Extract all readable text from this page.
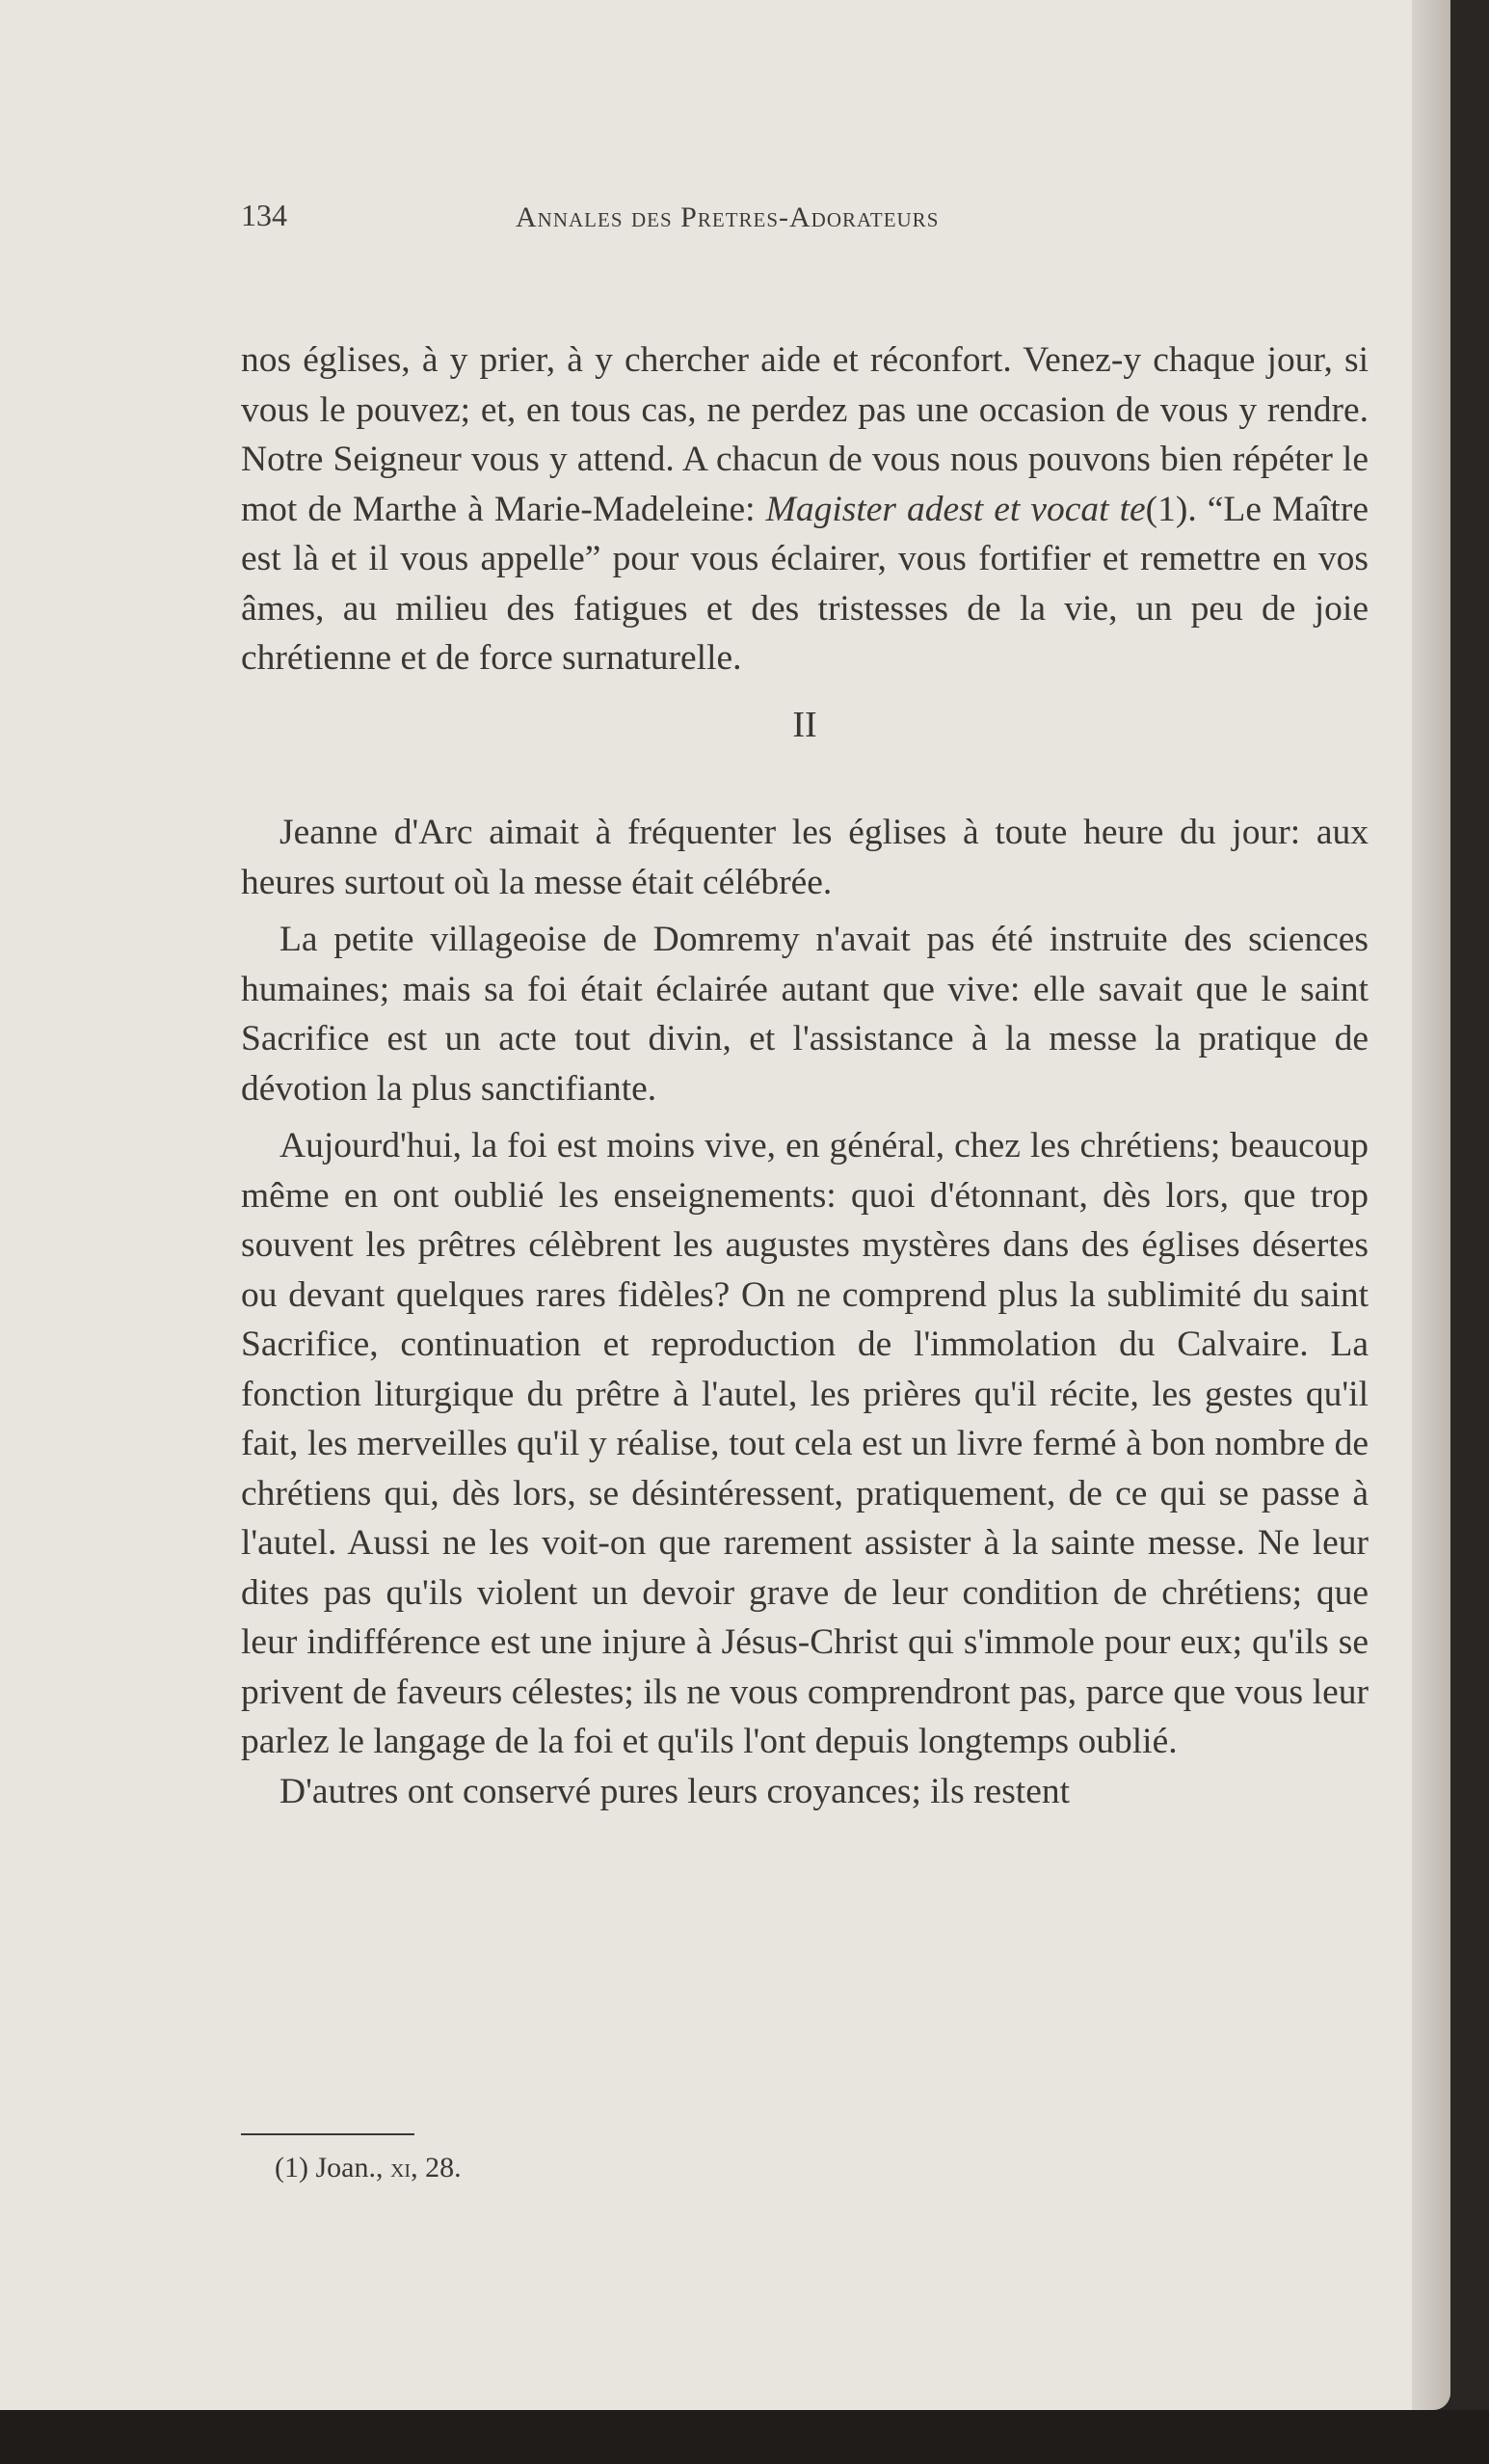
134	Annales des Pretres-Adorateurs

nos églises, à y prier, à y chercher aide et réconfort. Venez-y chaque jour, si vous le pouvez; et, en tous cas, ne perdez pas une occasion de vous y rendre. Notre Seigneur vous y attend. A chacun de vous nous pouvons bien répéter le mot de Marthe à Marie-Madeleine: Magister adest et vocat te(1). “Le Maître est là et il vous appelle” pour vous éclairer, vous fortifier et remettre en vos âmes, au milieu des fatigues et des tristesses de la vie, un peu de joie chrétienne et de force surnaturelle.

II

Jeanne d'Arc aimait à fréquenter les églises à toute heure du jour: aux heures surtout où la messe était célébrée.

La petite villageoise de Domremy n'avait pas été instruite des sciences humaines; mais sa foi était éclairée autant que vive: elle savait que le saint Sacrifice est un acte tout divin, et l'assistance à la messe la pratique de dévotion la plus sanctifiante.

Aujourd'hui, la foi est moins vive, en général, chez les chrétiens; beaucoup même en ont oublié les enseignements: quoi d'étonnant, dès lors, que trop souvent les prêtres célèbrent les augustes mystères dans des églises désertes ou devant quelques rares fidèles? On ne comprend plus la sublimité du saint Sacrifice, continuation et reproduction de l'immolation du Calvaire. La fonction liturgique du prêtre à l'autel, les prières qu'il récite, les gestes qu'il fait, les merveilles qu'il y réalise, tout cela est un livre fermé à bon nombre de chrétiens qui, dès lors, se désintéressent, pratiquement, de ce qui se passe à l'autel. Aussi ne les voit-on que rarement assister à la sainte messe. Ne leur dites pas qu'ils violent un devoir grave de leur condition de chrétiens; que leur indifférence est une injure à Jésus-Christ qui s'immole pour eux; qu'ils se privent de faveurs célestes; ils ne vous comprendront pas, parce que vous leur parlez le langage de la foi et qu'ils l'ont depuis longtemps oublié.

D'autres ont conservé pures leurs croyances; ils restent

(1) Joan., xi, 28.
